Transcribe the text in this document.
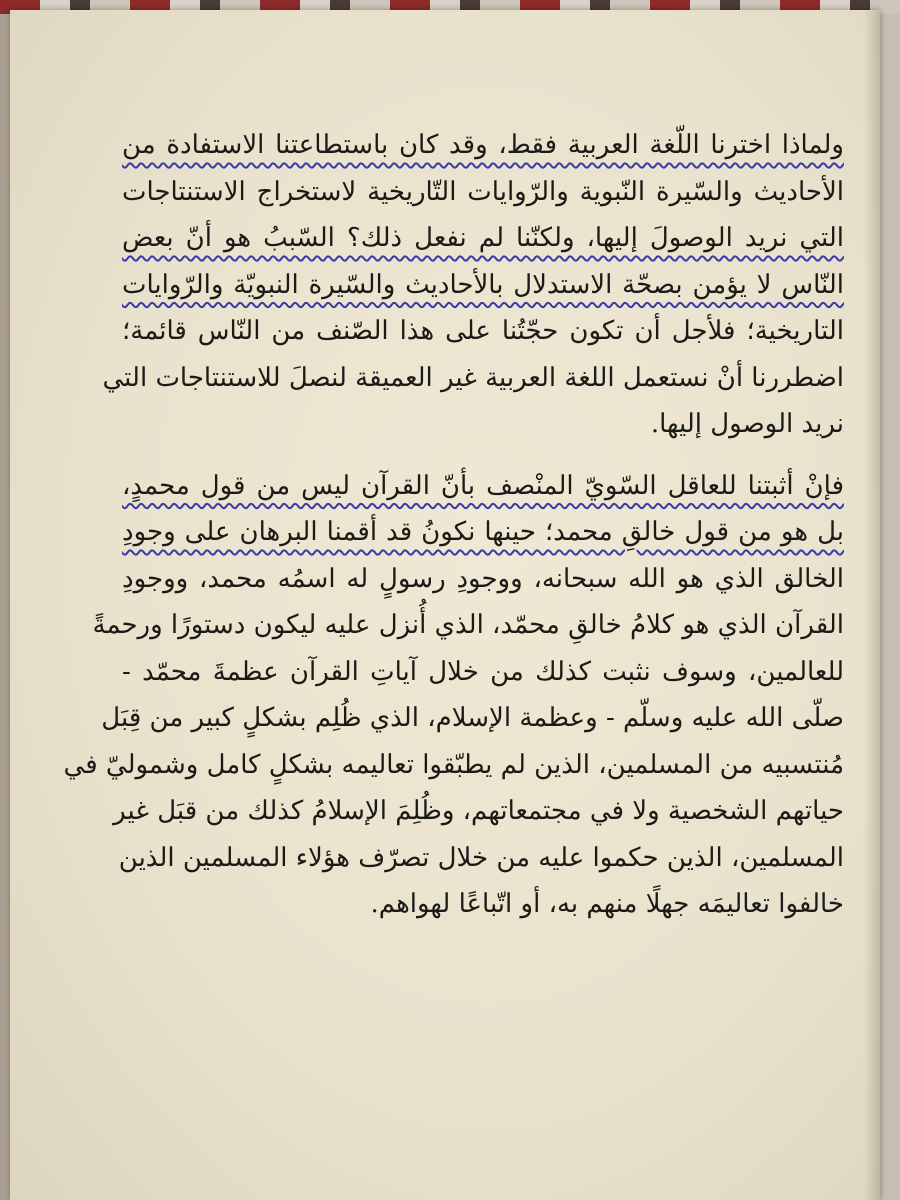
ولماذا اخترنا اللّغة العربية فقط، وقد كان باستطاعتنا الاستفادة من
الأحاديث والسّيرة النّبوية والرّوايات التّاريخية لاستخراج الاستنتاجات
التي نريد الوصولَ إليها، ولكنّنا لم نفعل ذلك؟ السّببُ هو أنّ بعض
النّاس لا يؤمن بصحّة الاستدلال بالأحاديث والسّيرة النبويّة والرّوايات
التاريخية؛ فلأجل أن تكون حجّتُنا على هذا الصّنف من النّاس قائمة؛
اضطررنا أنْ نستعمل اللغة العربية غير العميقة لنصلَ للاستنتاجات التي
نريد الوصول إليها.

فإنْ أثبتنا للعاقل السّويّ المنْصف بأنّ القرآن ليس من قول محمدٍ،
بل هو من قول خالقِ محمد؛ حينها نكونُ قد أقمنا البرهان على وجودِ
الخالق الذي هو الله سبحانه، ووجودِ رسولٍ له اسمُه محمد، ووجودِ
القرآن الذي هو كلامُ خالقِ محمّد، الذي أُنزل عليه ليكون دستورًا ورحمةً
للعالمين، وسوف نثبت كذلك من خلال آياتِ القرآن عظمةَ محمّد -
صلّى الله عليه وسلّم - وعظمة الإسلام، الذي ظُلِم بشكلٍ كبير من قِبَل
مُنتسبيه من المسلمين، الذين لم يطبّقوا تعاليمه بشكلٍ كامل وشموليّ في
حياتهم الشخصية ولا في مجتمعاتهم، وظُلِمَ الإسلامُ كذلك من قبَل غير
المسلمين، الذين حكموا عليه من خلال تصرّف هؤلاء المسلمين الذين
خالفوا تعاليمَه جهلًا منهم به، أو اتّباعًا لهواهم.
